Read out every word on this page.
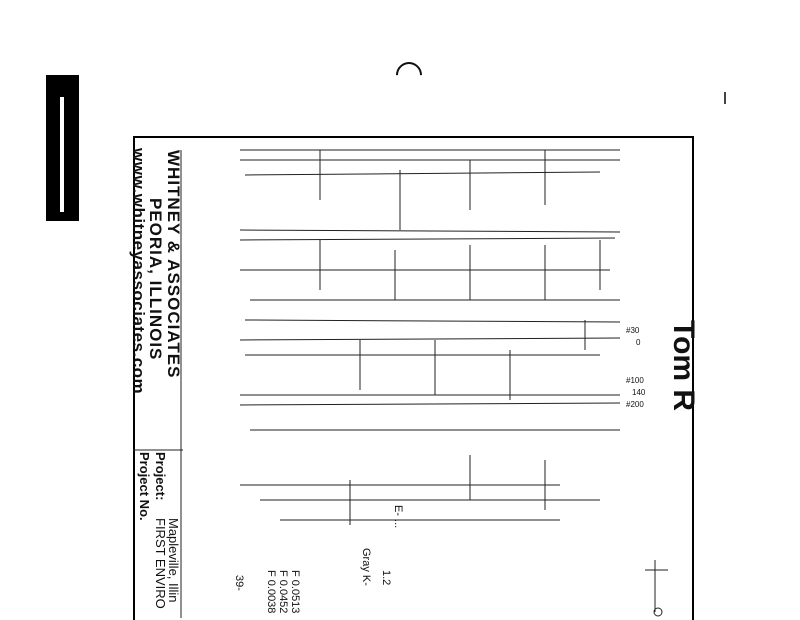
WHITNEY & ASSOCIATES
PEORIA, ILLINOIS
www.whitneyassociates.com
Project No. Project:
FIRST ENVIRO
Mapleville, Illin
Tom R
#30
0
#100
140
#200
E- ...
1.2
Gray K-
F 0.0513
F 0.0452
F 0.0038
39-
